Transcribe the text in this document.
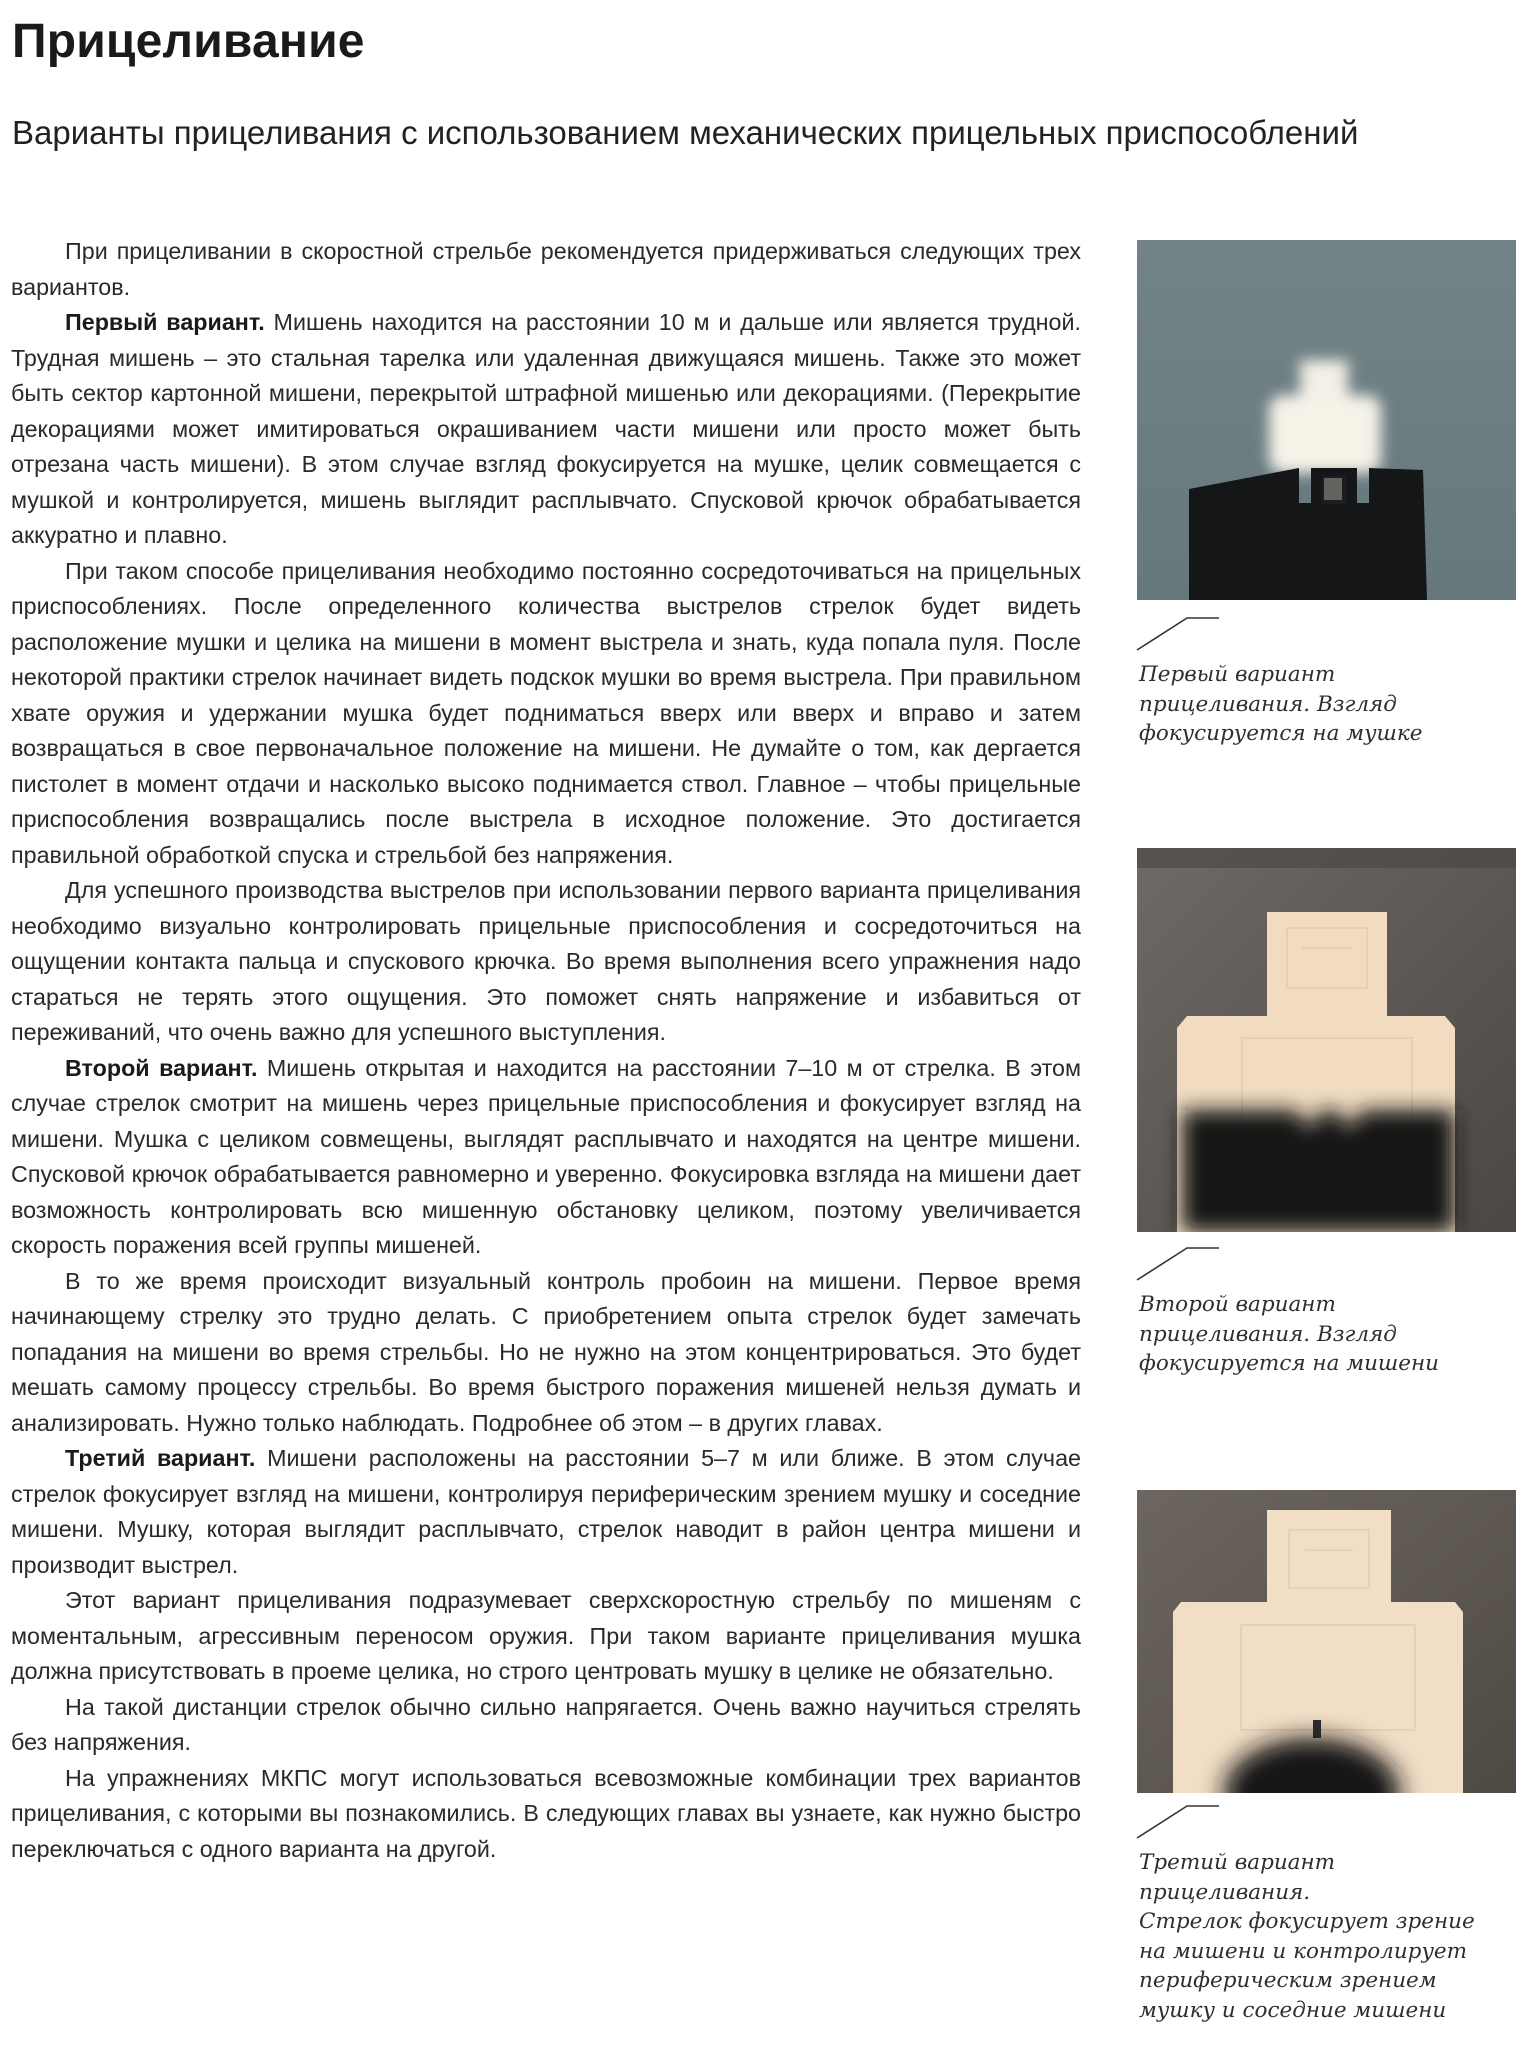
Прицеливание
Варианты прицеливания с использованием механических прицельных приспособлений

При прицеливании в скоростной стрельбе рекомендуется придерживаться следующих трех вариантов.

Первый вариант. Мишень находится на расстоянии 10 м и дальше или является трудной. Трудная мишень – это стальная тарелка или удаленная движущаяся мишень. Также это может быть сектор картонной мишени, перекрытой штрафной мишенью или декорациями. (Перекрытие декорациями может имитироваться окрашиванием части мишени или просто может быть отрезана часть мишени). В этом случае взгляд фокусируется на мушке, целик совмещается с мушкой и контролируется, мишень выглядит расплывчато. Спусковой крючок обрабатывается аккуратно и плавно.

При таком способе прицеливания необходимо постоянно сосредоточиваться на прицельных приспособлениях. После определенного количества выстрелов стрелок будет видеть расположение мушки и целика на мишени в момент выстрела и знать, куда попала пуля. После некоторой практики стрелок начинает видеть подскок мушки во время выстрела. При правильном хвате оружия и удержании мушка будет подниматься вверх или вверх и вправо и затем возвращаться в свое первоначальное положение на мишени. Не думайте о том, как дергается пистолет в момент отдачи и насколько высоко поднимается ствол. Главное – чтобы прицельные приспособления возвращались после выстрела в исходное положение. Это достигается правильной обработкой спуска и стрельбой без напряжения.

Для успешного производства выстрелов при использовании первого варианта прицеливания необходимо визуально контролировать прицельные приспособления и сосредоточиться на ощущении контакта пальца и спускового крючка. Во время выполнения всего упражнения надо стараться не терять этого ощущения. Это поможет снять напряжение и избавиться от переживаний, что очень важно для успешного выступления.

Второй вариант. Мишень открытая и находится на расстоянии 7–10 м от стрелка. В этом случае стрелок смотрит на мишень через прицельные приспособления и фокусирует взгляд на мишени. Мушка с целиком совмещены, выглядят расплывчато и находятся на центре мишени. Спусковой крючок обрабатывается равномерно и уверенно. Фокусировка взгляда на мишени дает возможность контролировать всю мишенную обстановку целиком, поэтому увеличивается скорость поражения всей группы мишеней.

В то же время происходит визуальный контроль пробоин на мишени. Первое время начинающему стрелку это трудно делать. С приобретением опыта стрелок будет замечать попадания на мишени во время стрельбы. Но не нужно на этом концентрироваться. Это будет мешать самому процессу стрельбы. Во время быстрого поражения мишеней нельзя думать и анализировать. Нужно только наблюдать. Подробнее об этом – в других главах.

Третий вариант. Мишени расположены на расстоянии 5–7 м или ближе. В этом случае стрелок фокусирует взгляд на мишени, контролируя периферическим зрением мушку и соседние мишени. Мушку, которая выглядит расплывчато, стрелок наводит в район центра мишени и производит выстрел.

Этот вариант прицеливания подразумевает сверхскоростную стрельбу по мишеням с моментальным, агрессивным переносом оружия. При таком варианте прицеливания мушка должна присутствовать в проеме целика, но строго центровать мушку в целике не обязательно.

На такой дистанции стрелок обычно сильно напрягается. Очень важно научиться стрелять без напряжения.

На упражнениях МКПС могут использоваться всевозможные комбинации трех вариантов прицеливания, с которыми вы познакомились. В следующих главах вы узнаете, как нужно быстро переключаться с одного варианта на другой.

Первый вариант
прицеливания. Взгляд
фокусируется на мушке
Второй вариант
прицеливания. Взгляд
фокусируется на мишени
Третий вариант
прицеливания.
Стрелок фокусирует зрение
на мишени и контролирует
периферическим зрением
мушку и соседние мишени
